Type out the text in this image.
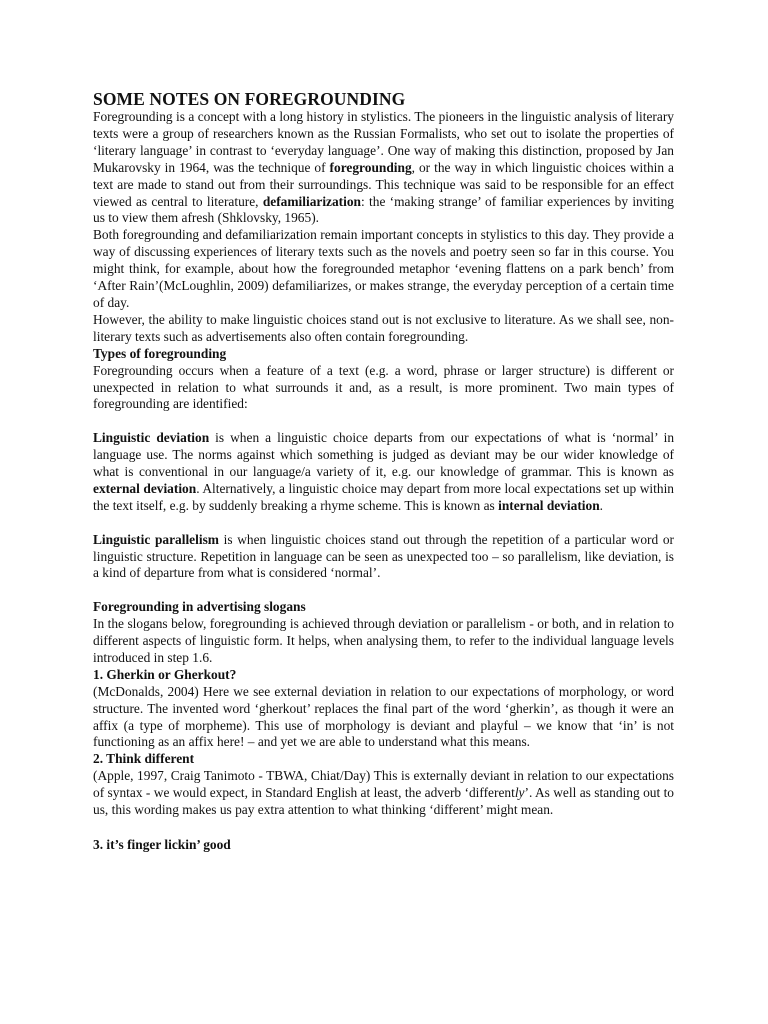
SOME NOTES ON FOREGROUNDING

Foregrounding is a concept with a long history in stylistics. The pioneers in the linguistic analysis of literary texts were a group of researchers known as the Russian Formalists, who set out to isolate the properties of ‘literary language’ in contrast to ‘everyday language’. One way of making this distinction, proposed by Jan Mukarovsky in 1964, was the technique of foregrounding, or the way in which linguistic choices within a text are made to stand out from their surroundings. This technique was said to be responsible for an effect viewed as central to literature, defamiliarization: the ‘making strange’ of familiar experiences by inviting us to view them afresh (Shklovsky, 1965).

Both foregrounding and defamiliarization remain important concepts in stylistics to this day. They provide a way of discussing experiences of literary texts such as the novels and poetry seen so far in this course. You might think, for example, about how the foregrounded metaphor ‘evening flattens on a park bench’ from ‘After Rain’(McLoughlin, 2009) defamiliarizes, or makes strange, the everyday perception of a certain time of day.

However, the ability to make linguistic choices stand out is not exclusive to literature. As we shall see, non-literary texts such as advertisements also often contain foregrounding.

Types of foregrounding

Foregrounding occurs when a feature of a text (e.g. a word, phrase or larger structure) is different or unexpected in relation to what surrounds it and, as a result, is more prominent. Two main types of foregrounding are identified:

Linguistic deviation is when a linguistic choice departs from our expectations of what is ‘normal’ in language use. The norms against which something is judged as deviant may be our wider knowledge of what is conventional in our language/a variety of it, e.g. our knowledge of grammar. This is known as external deviation. Alternatively, a linguistic choice may depart from more local expectations set up within the text itself, e.g. by suddenly breaking a rhyme scheme. This is known as internal deviation.

Linguistic parallelism is when linguistic choices stand out through the repetition of a particular word or linguistic structure. Repetition in language can be seen as unexpected too – so parallelism, like deviation, is a kind of departure from what is considered ‘normal’.

Foregrounding in advertising slogans

In the slogans below, foregrounding is achieved through deviation or parallelism - or both, and in relation to different aspects of linguistic form. It helps, when analysing them, to refer to the individual language levels introduced in step 1.6.

1. Gherkin or Gherkout?

(McDonalds, 2004) Here we see external deviation in relation to our expectations of morphology, or word structure. The invented word ‘gherkout’ replaces the final part of the word ‘gherkin’, as though it were an affix (a type of morpheme). This use of morphology is deviant and playful – we know that ‘in’ is not functioning as an affix here! – and yet we are able to understand what this means.

2. Think different

(Apple, 1997, Craig Tanimoto - TBWA, Chiat/Day) This is externally deviant in relation to our expectations of syntax - we would expect, in Standard English at least, the adverb ‘differently’. As well as standing out to us, this wording makes us pay extra attention to what thinking ‘different’ might mean.

3. it’s finger lickin’ good
